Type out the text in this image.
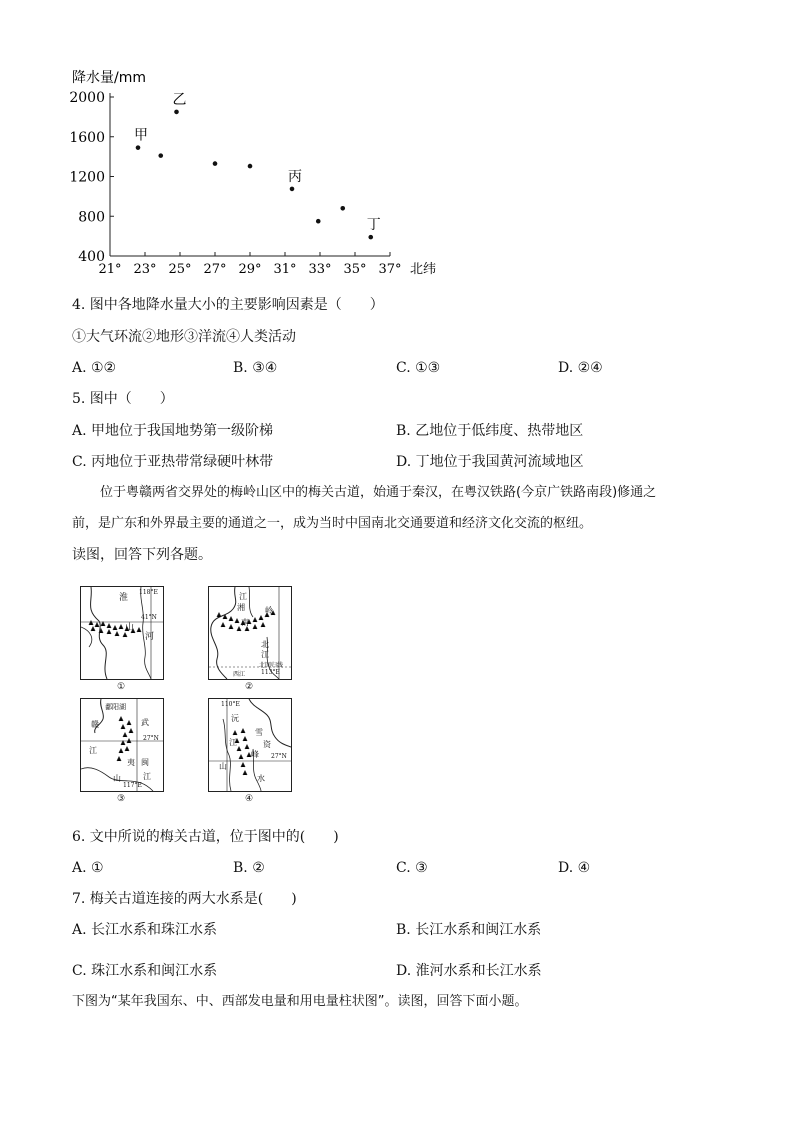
降水量/mm
2000
1600
1200
800
400
21° 23° 25° 27° 29° 31° 33° 35° 37° 北纬
甲
乙
丙
丁
4. 图中各地降水量大小的主要影响因素是（　　）
①大气环流②地形③洋流④人类活动
A. ①②	B. ③④	C. ①③	D. ②④
5. 图中（　　）
A. 甲地位于我国地势第一级阶梯	B. 乙地位于低纬度、热带地区
C. 丙地位于亚热带常绿硬叶林带	D. 丁地位于我国黄河流域地区
位于粤赣两省交界处的梅岭山区中的梅关古道，始通于秦汉，在粤汉铁路(今京广铁路南段)修通之
前，是广东和外界最主要的通道之一，成为当时中国南北交通要道和经济文化交流的枢纽。
读图，回答下列各题。
淮
118°E
41°N
山
河
①
江
湘	岭
南
北
江
北回归线
西江	113°E
②
鄱阳湖
赣	武
27°N
江
夷 闽
江
山
117°E
③
110°E
沅
雪
江
峰
资
27°N
山
水
④
6. 文中所说的梅关古道，位于图中的(　　)
A. ①	B. ②	C. ③	D. ④
7. 梅关古道连接的两大水系是(　　)
A. 长江水系和珠江水系	B. 长江水系和闽江水系
C. 珠江水系和闽江水系	D. 淮河水系和长江水系
下图为“某年我国东、中、西部发电量和用电量柱状图”。读图，回答下面小题。
